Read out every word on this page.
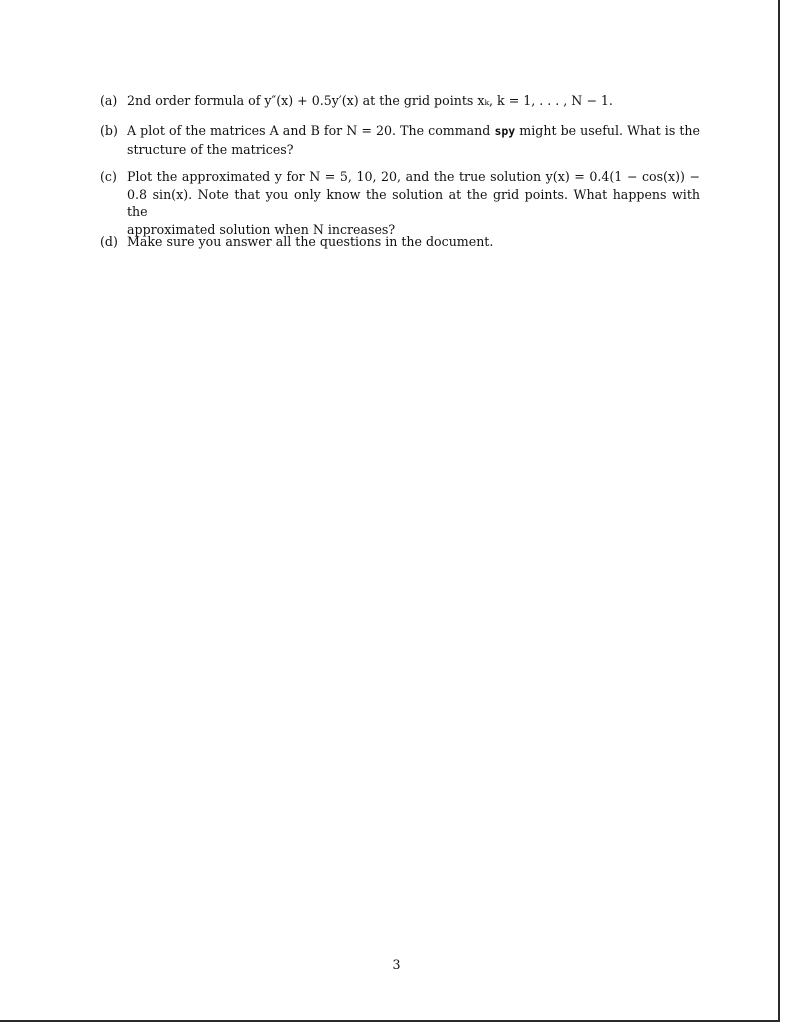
(a) 2nd order formula of y″(x) + 0.5y′(x) at the grid points xₖ, k = 1, . . . , N − 1.
(b) A plot of the matrices A and B for N = 20. The command spy might be useful. What is the
structure of the matrices?
(c) Plot the approximated y for N = 5, 10, 20, and the true solution y(x) = 0.4(1 − cos(x)) −
0.8 sin(x). Note that you only know the solution at the grid points. What happens with the
approximated solution when N increases?
(d) Make sure you answer all the questions in the document.
3
